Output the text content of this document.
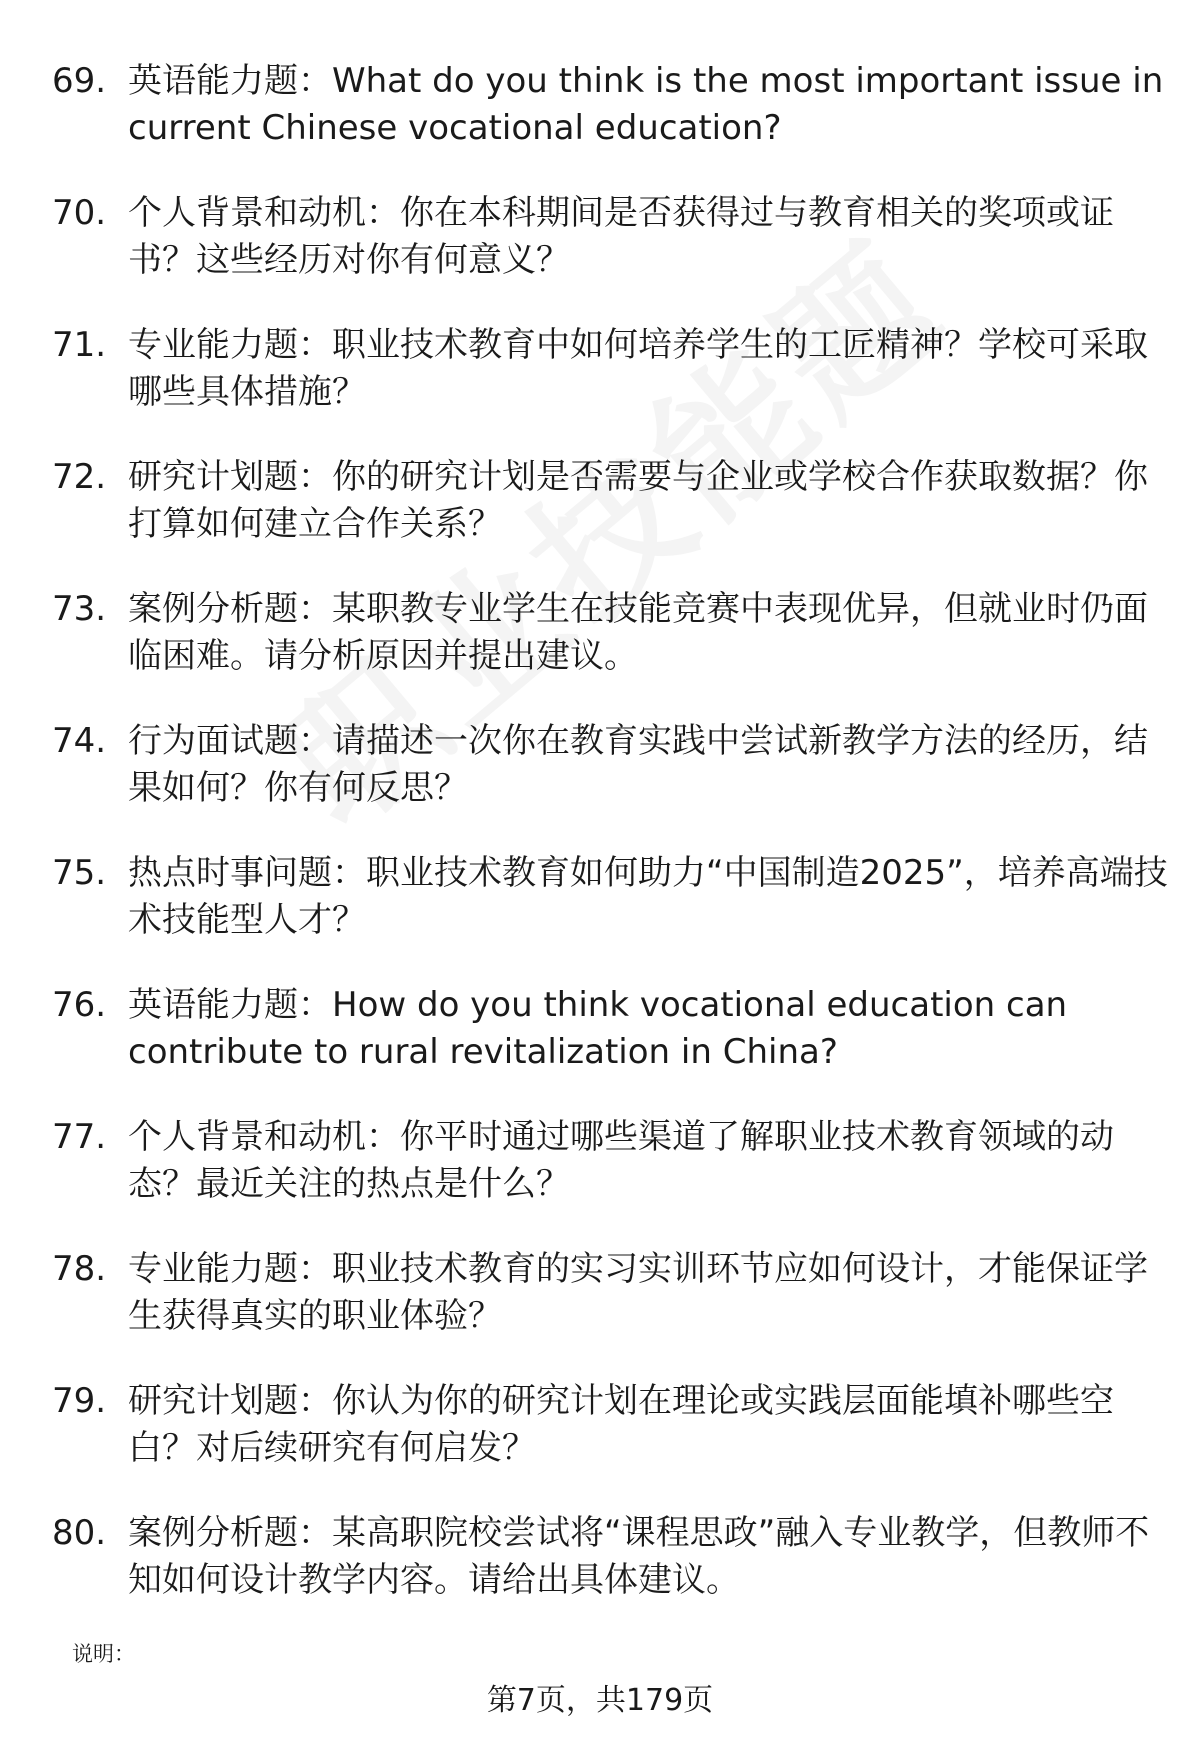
69. 英语能力题：What do you think is the most important issue in current Chinese vocational education?
70. 个人背景和动机：你在本科期间是否获得过与教育相关的奖项或证书？这些经历对你有何意义？
71. 专业能力题：职业技术教育中如何培养学生的工匠精神？学校可采取哪些具体措施？
72. 研究计划题：你的研究计划是否需要与企业或学校合作获取数据？你打算如何建立合作关系？
73. 案例分析题：某职教专业学生在技能竞赛中表现优异，但就业时仍面临困难。请分析原因并提出建议。
74. 行为面试题：请描述一次你在教育实践中尝试新教学方法的经历，结果如何？你有何反思？
75. 热点时事问题：职业技术教育如何助力“中国制造2025”，培养高端技术技能型人才？
76. 英语能力题：How do you think vocational education can contribute to rural revitalization in China?
77. 个人背景和动机：你平时通过哪些渠道了解职业技术教育领域的动态？最近关注的热点是什么？
78. 专业能力题：职业技术教育的实习实训环节应如何设计，才能保证学生获得真实的职业体验？
79. 研究计划题：你认为你的研究计划在理论或实践层面能填补哪些空白？对后续研究有何启发？
80. 案例分析题：某高职院校尝试将“课程思政”融入专业教学，但教师不知如何设计教学内容。请给出具体建议。
说明：
第7页，共179页
